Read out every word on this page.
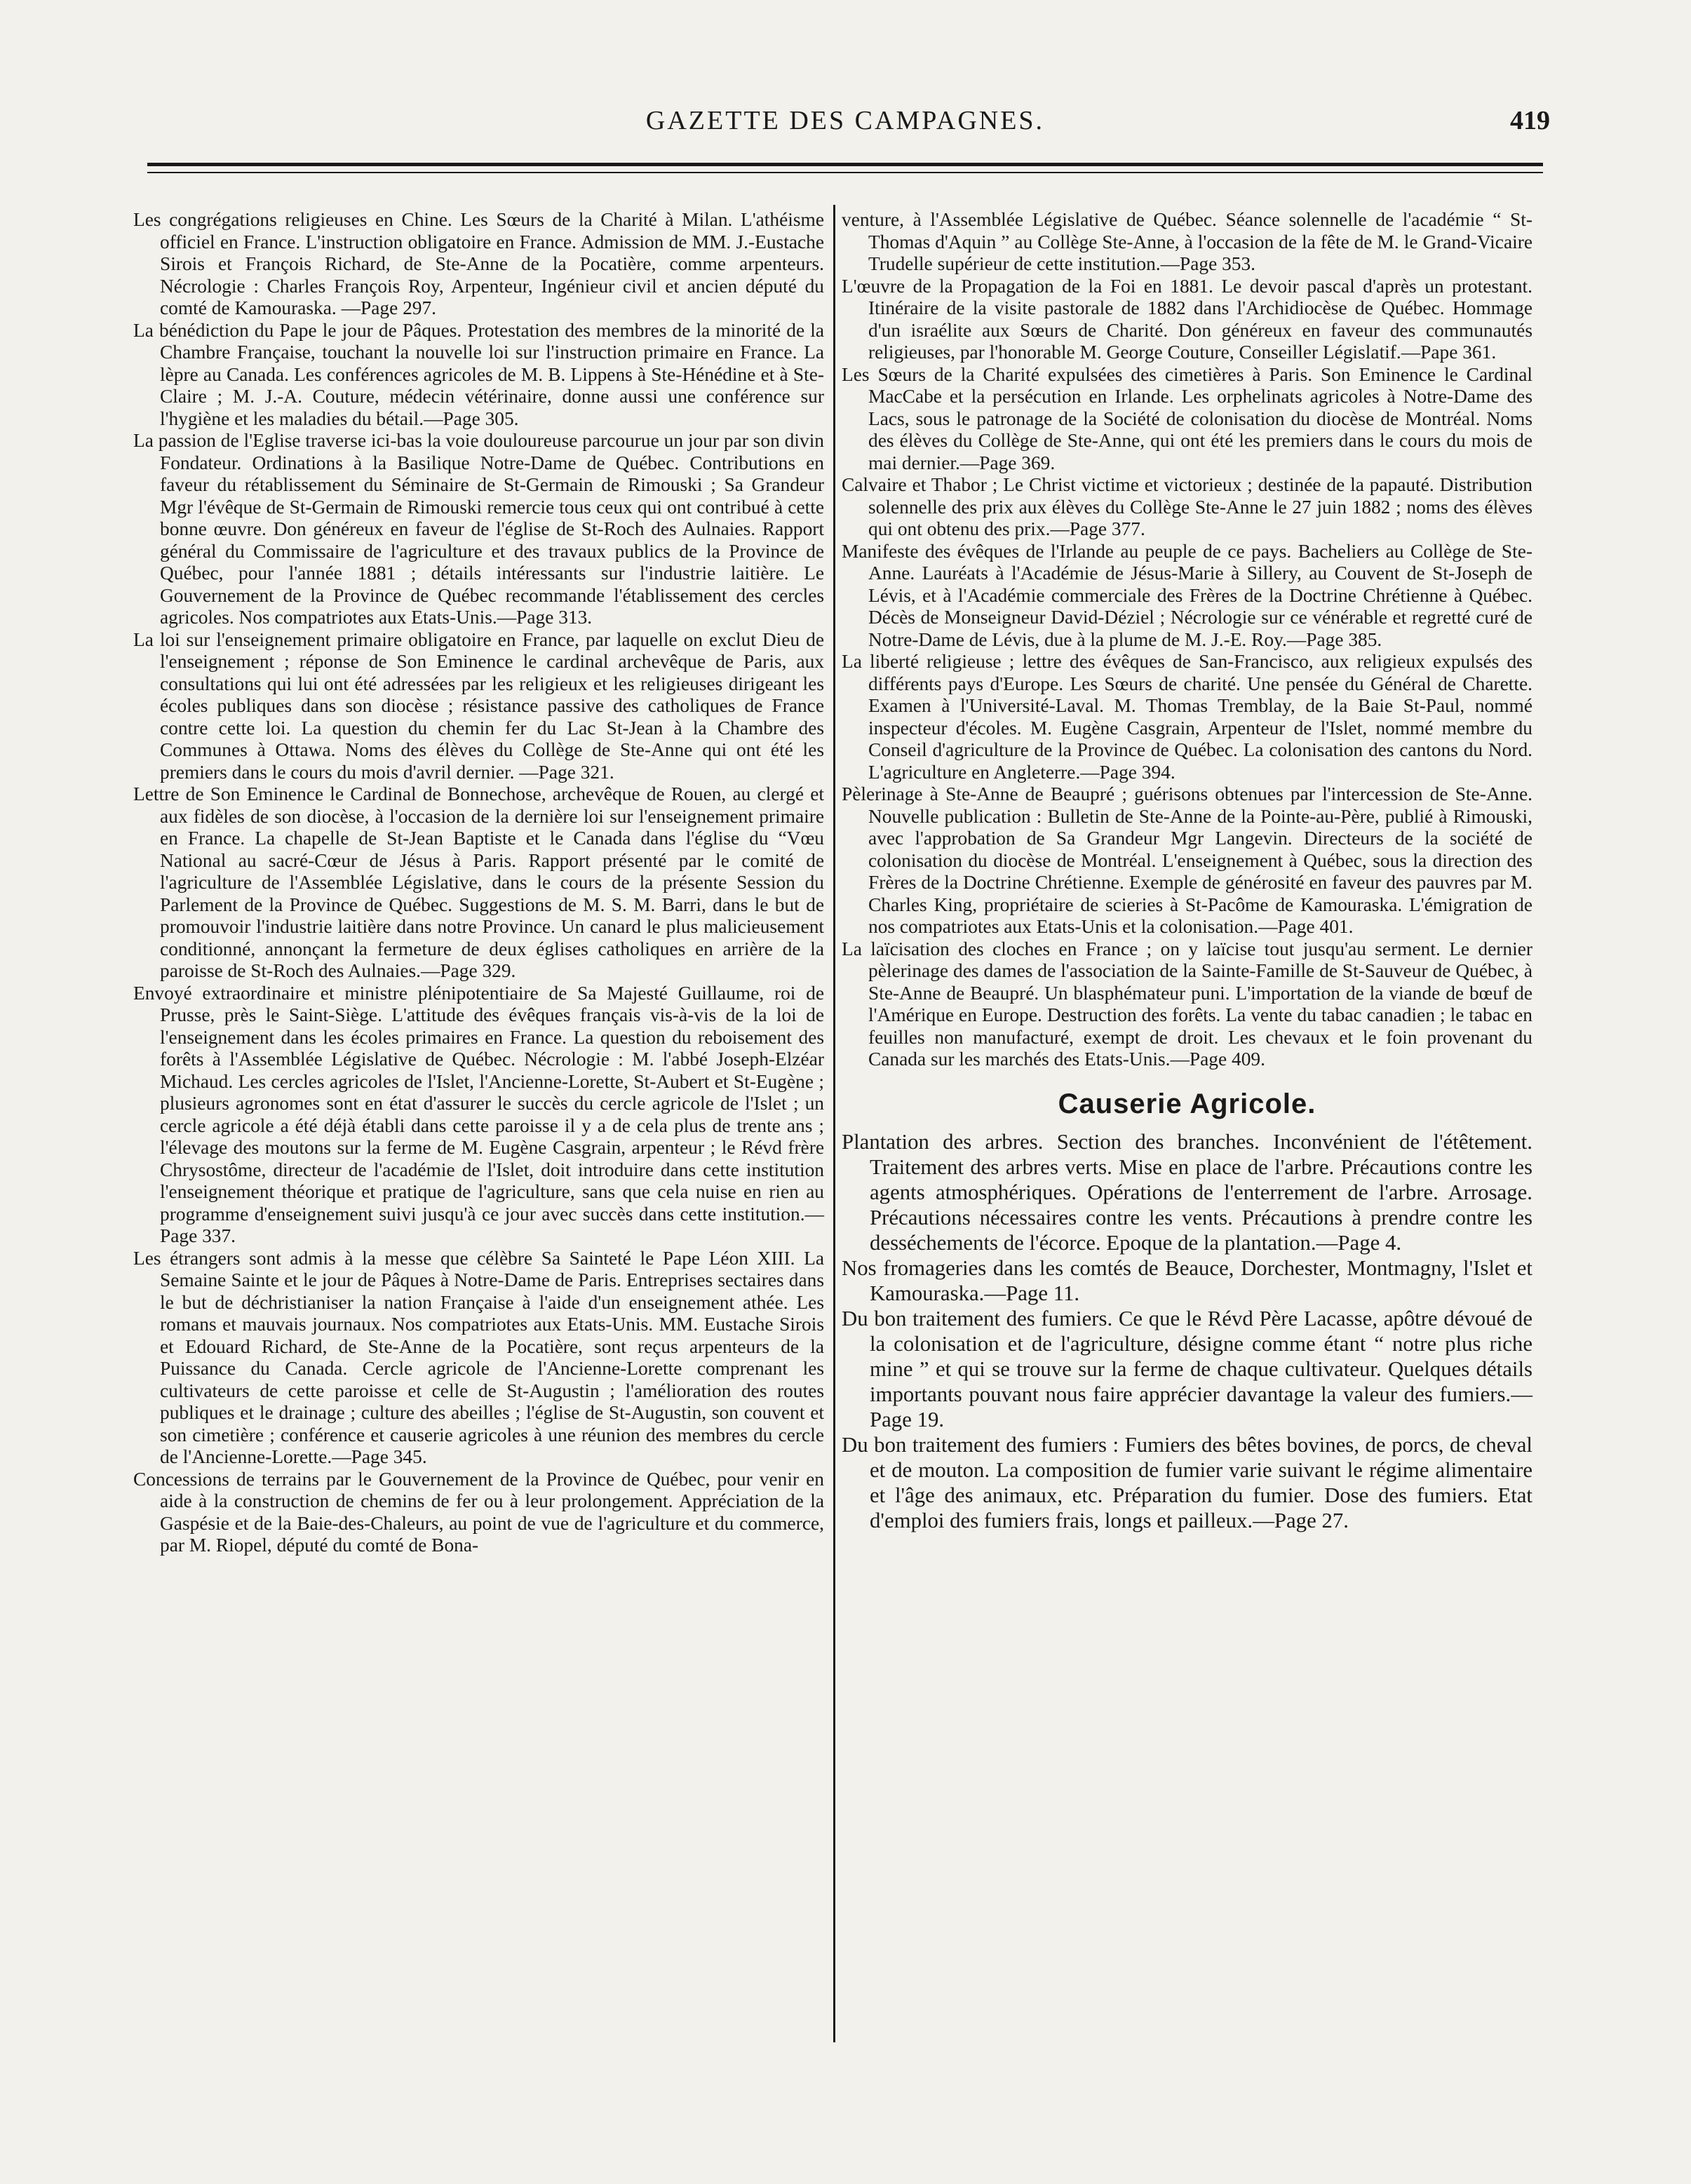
GAZETTE DES CAMPAGNES.	419

Les congrégations religieuses en Chine. Les Sœurs de la Charité à Milan. L'athéisme officiel en France. L'instruction obligatoire en France. Admission de MM. J.-Eustache Sirois et François Richard, de Ste-Anne de la Pocatière, comme arpenteurs. Nécrologie : Charles François Roy, Arpenteur, Ingénieur civil et ancien député du comté de Kamouraska. —Page 297.

La bénédiction du Pape le jour de Pâques. Protestation des membres de la minorité de la Chambre Française, touchant la nouvelle loi sur l'instruction primaire en France. La lèpre au Canada. Les conférences agricoles de M. B. Lippens à Ste-Hénédine et à Ste-Claire ; M. J.-A. Couture, médecin vétérinaire, donne aussi une conférence sur l'hygiène et les maladies du bétail.—Page 305.

La passion de l'Eglise traverse ici-bas la voie douloureuse parcourue un jour par son divin Fondateur. Ordinations à la Basilique Notre-Dame de Québec. Contributions en faveur du rétablissement du Séminaire de St-Germain de Rimouski ; Sa Grandeur Mgr l'évêque de St-Germain de Rimouski remercie tous ceux qui ont contribué à cette bonne œuvre. Don généreux en faveur de l'église de St-Roch des Aulnaies. Rapport général du Commissaire de l'agriculture et des travaux publics de la Province de Québec, pour l'année 1881 ; détails intéressants sur l'industrie laitière. Le Gouvernement de la Province de Québec recommande l'établissement des cercles agricoles. Nos compatriotes aux Etats-Unis.—Page 313.

La loi sur l'enseignement primaire obligatoire en France, par laquelle on exclut Dieu de l'enseignement ; réponse de Son Eminence le cardinal archevêque de Paris, aux consultations qui lui ont été adressées par les religieux et les religieuses dirigeant les écoles publiques dans son diocèse ; résistance passive des catholiques de France contre cette loi. La question du chemin fer du Lac St-Jean à la Chambre des Communes à Ottawa. Noms des élèves du Collège de Ste-Anne qui ont été les premiers dans le cours du mois d'avril dernier. —Page 321.

Lettre de Son Eminence le Cardinal de Bonnechose, archevêque de Rouen, au clergé et aux fidèles de son diocèse, à l'occasion de la dernière loi sur l'enseignement primaire en France. La chapelle de St-Jean Baptiste et le Canada dans l'église du “Vœu National au sacré-Cœur de Jésus à Paris. Rapport présenté par le comité de l'agriculture de l'Assemblée Législative, dans le cours de la présente Session du Parlement de la Province de Québec. Suggestions de M. S. M. Barri, dans le but de promouvoir l'industrie laitière dans notre Province. Un canard le plus malicieusement conditionné, annonçant la fermeture de deux églises catholiques en arrière de la paroisse de St-Roch des Aulnaies.—Page 329.

Envoyé extraordinaire et ministre plénipotentiaire de Sa Majesté Guillaume, roi de Prusse, près le Saint-Siège. L'attitude des évêques français vis-à-vis de la loi de l'enseignement dans les écoles primaires en France. La question du reboisement des forêts à l'Assemblée Législative de Québec. Nécrologie : M. l'abbé Joseph-Elzéar Michaud. Les cercles agricoles de l'Islet, l'Ancienne-Lorette, St-Aubert et St-Eugène ; plusieurs agronomes sont en état d'assurer le succès du cercle agricole de l'Islet ; un cercle agricole a été déjà établi dans cette paroisse il y a de cela plus de trente ans ; l'élevage des moutons sur la ferme de M. Eugène Casgrain, arpenteur ; le Révd frère Chrysostôme, directeur de l'académie de l'Islet, doit introduire dans cette institution l'enseignement théorique et pratique de l'agriculture, sans que cela nuise en rien au programme d'enseignement suivi jusqu'à ce jour avec succès dans cette institution.—Page 337.

Les étrangers sont admis à la messe que célèbre Sa Sainteté le Pape Léon XIII. La Semaine Sainte et le jour de Pâques à Notre-Dame de Paris. Entreprises sectaires dans le but de déchristianiser la nation Française à l'aide d'un enseignement athée. Les romans et mauvais journaux. Nos compatriotes aux Etats-Unis. MM. Eustache Sirois et Edouard Richard, de Ste-Anne de la Pocatière, sont reçus arpenteurs de la Puissance du Canada. Cercle agricole de l'Ancienne-Lorette comprenant les cultivateurs de cette paroisse et celle de St-Augustin ; l'amélioration des routes publiques et le drainage ; culture des abeilles ; l'église de St-Augustin, son couvent et son cimetière ; conférence et causerie agricoles à une réunion des membres du cercle de l'Ancienne-Lorette.—Page 345.

Concessions de terrains par le Gouvernement de la Province de Québec, pour venir en aide à la construction de chemins de fer ou à leur prolongement. Appréciation de la Gaspésie et de la Baie-des-Chaleurs, au point de vue de l'agriculture et du commerce, par M. Riopel, député du comté de Bona-

venture, à l'Assemblée Législative de Québec. Séance solennelle de l'académie “ St-Thomas d'Aquin ” au Collège Ste-Anne, à l'occasion de la fête de M. le Grand-Vicaire Trudelle supérieur de cette institution.—Page 353.

L'œuvre de la Propagation de la Foi en 1881. Le devoir pascal d'après un protestant. Itinéraire de la visite pastorale de 1882 dans l'Archidiocèse de Québec. Hommage d'un israélite aux Sœurs de Charité. Don généreux en faveur des communautés religieuses, par l'honorable M. George Couture, Conseiller Législatif.—Pape 361.

Les Sœurs de la Charité expulsées des cimetières à Paris. Son Eminence le Cardinal MacCabe et la persécution en Irlande. Les orphelinats agricoles à Notre-Dame des Lacs, sous le patronage de la Société de colonisation du diocèse de Montréal. Noms des élèves du Collège de Ste-Anne, qui ont été les premiers dans le cours du mois de mai dernier.—Page 369.

Calvaire et Thabor ; Le Christ victime et victorieux ; destinée de la papauté. Distribution solennelle des prix aux élèves du Collège Ste-Anne le 27 juin 1882 ; noms des élèves qui ont obtenu des prix.—Page 377.

Manifeste des évêques de l'Irlande au peuple de ce pays. Bacheliers au Collège de Ste-Anne. Lauréats à l'Académie de Jésus-Marie à Sillery, au Couvent de St-Joseph de Lévis, et à l'Académie commerciale des Frères de la Doctrine Chrétienne à Québec. Décès de Monseigneur David-Déziel ; Nécrologie sur ce vénérable et regretté curé de Notre-Dame de Lévis, due à la plume de M. J.-E. Roy.—Page 385.

La liberté religieuse ; lettre des évêques de San-Francisco, aux religieux expulsés des différents pays d'Europe. Les Sœurs de charité. Une pensée du Général de Charette. Examen à l'Université-Laval. M. Thomas Tremblay, de la Baie St-Paul, nommé inspecteur d'écoles. M. Eugène Casgrain, Arpenteur de l'Islet, nommé membre du Conseil d'agriculture de la Province de Québec. La colonisation des cantons du Nord. L'agriculture en Angleterre.—Page 394.

Pèlerinage à Ste-Anne de Beaupré ; guérisons obtenues par l'intercession de Ste-Anne. Nouvelle publication : Bulletin de Ste-Anne de la Pointe-au-Père, publié à Rimouski, avec l'approbation de Sa Grandeur Mgr Langevin. Directeurs de la société de colonisation du diocèse de Montréal. L'enseignement à Québec, sous la direction des Frères de la Doctrine Chrétienne. Exemple de générosité en faveur des pauvres par M. Charles King, propriétaire de scieries à St-Pacôme de Kamouraska. L'émigration de nos compatriotes aux Etats-Unis et la colonisation.—Page 401.

La laïcisation des cloches en France ; on y laïcise tout jusqu'au serment. Le dernier pèlerinage des dames de l'association de la Sainte-Famille de St-Sauveur de Québec, à Ste-Anne de Beaupré. Un blasphémateur puni. L'importation de la viande de bœuf de l'Amérique en Europe. Destruction des forêts. La vente du tabac canadien ; le tabac en feuilles non manufacturé, exempt de droit. Les chevaux et le foin provenant du Canada sur les marchés des Etats-Unis.—Page 409.

Causerie Agricole.

Plantation des arbres. Section des branches. Inconvénient de l'étêtement. Traitement des arbres verts. Mise en place de l'arbre. Précautions contre les agents atmosphériques. Opérations de l'enterrement de l'arbre. Arrosage. Précautions nécessaires contre les vents. Précautions à prendre contre les desséchements de l'écorce. Epoque de la plantation.—Page 4.

Nos fromageries dans les comtés de Beauce, Dorchester, Montmagny, l'Islet et Kamouraska.—Page 11.

Du bon traitement des fumiers. Ce que le Révd Père Lacasse, apôtre dévoué de la colonisation et de l'agriculture, désigne comme étant “ notre plus riche mine ” et qui se trouve sur la ferme de chaque cultivateur. Quelques détails importants pouvant nous faire apprécier davantage la valeur des fumiers.—Page 19.

Du bon traitement des fumiers : Fumiers des bêtes bovines, de porcs, de cheval et de mouton. La composition de fumier varie suivant le régime alimentaire et l'âge des animaux, etc. Préparation du fumier. Dose des fumiers. Etat d'emploi des fumiers frais, longs et pailleux.—Page 27.
